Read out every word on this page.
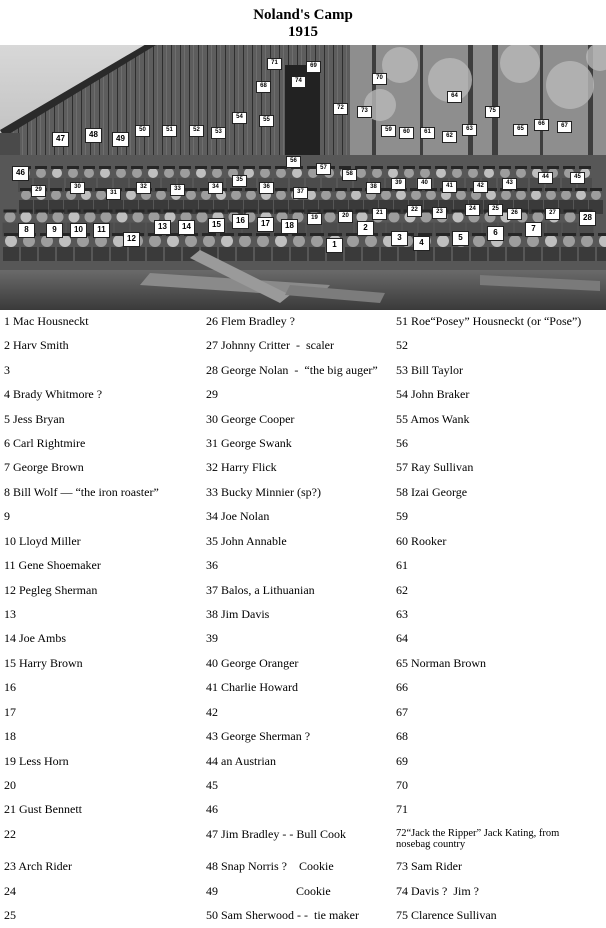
Noland's Camp
1915
1
2
3
4
5
6	7
8	9	10	11
12
13	14	15	16	17	18
19	20	21	22	23	24	25
26	27	28
29	30
31
32	33	34
35
36
37
38
39	40	41	42	43
44	45
46
47	48	49
50	51	52	53
54	55
56
57
58
59	60	61
62
63
64
65
66	67
68
69
70
71
72	73
74
75
1 Mac Housneckt
2 Harv Smith
3
4 Brady Whitmore ?
5 Jess Bryan
6 Carl Rightmire
7 George Brown
8 Bill Wolf — “the iron roaster”
9
10 Lloyd Miller
11 Gene Shoemaker
12 Pegleg Sherman
13
14 Joe Ambs
15 Harry Brown
16
17
18
19 Less Horn
20
21 Gust Bennett
22
23 Arch Rider
24
25
26 Flem Bradley ?
27 Johnny Critter  -  scaler
28 George Nolan  -  “the big auger”
29
30 George Cooper
31 George Swank
32 Harry Flick
33 Bucky Minnier (sp?)
34 Joe Nolan
35 John Annable
36
37 Balos, a Lithuanian
38 Jim Davis
39
40 George Oranger
41 Charlie Howard
42
43 George Sherman ?
44 an Austrian
45
46
47 Jim Bradley - - Bull Cook
48 Snap Norris ?    Cookie
49                          Cookie
50 Sam Sherwood - -  tie maker
51 Roe“Posey” Housneckt (or “Pose”)
52
53 Bill Taylor
54 John Braker
55 Amos Wank
56
57 Ray Sullivan
58 Izai George
59
60 Rooker
61
62
63
64
65 Norman Brown
66
67
68
69
70
71
72“Jack the Ripper” Jack Kating, from nosebag country
73 Sam Rider
74 Davis ?  Jim ?
75 Clarence Sullivan
